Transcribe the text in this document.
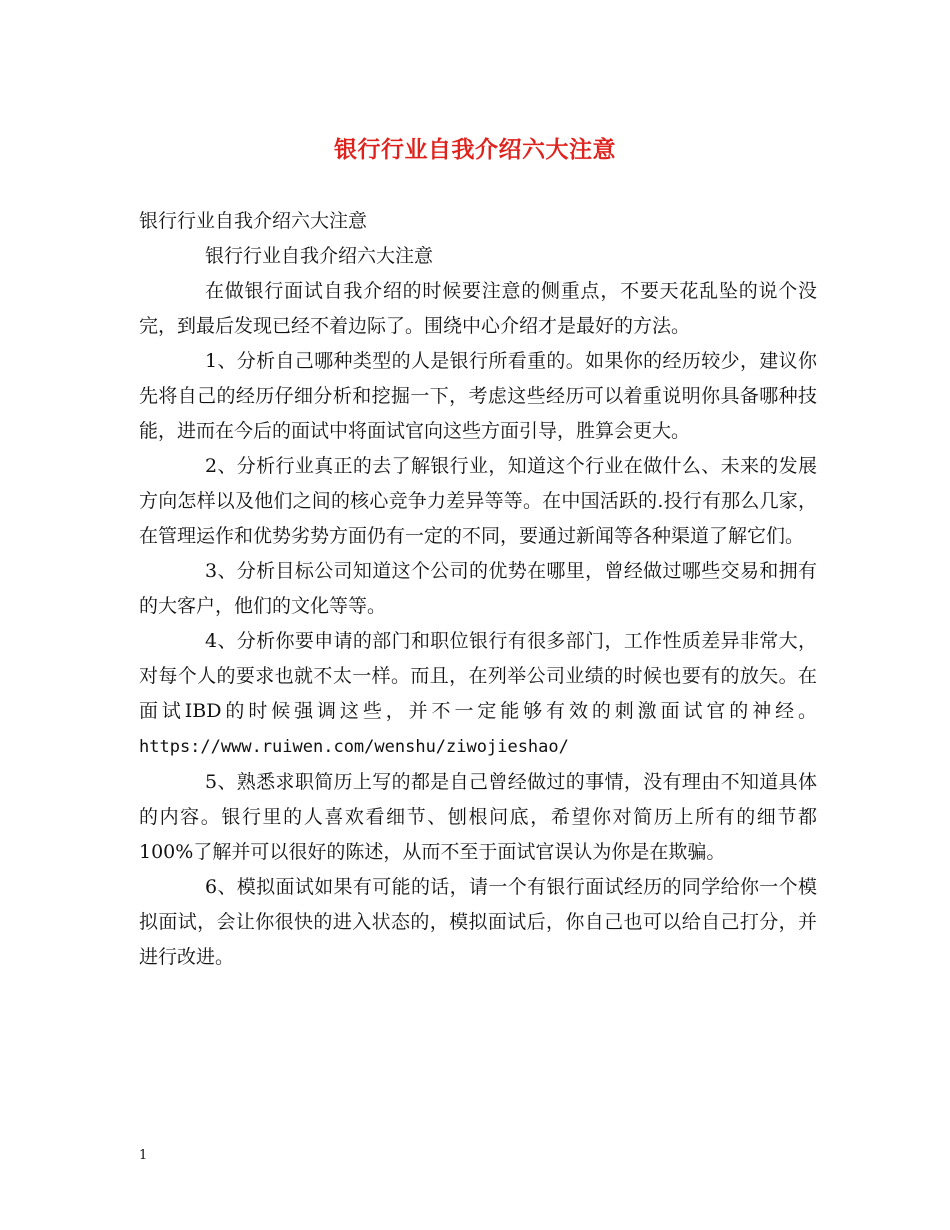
银行行业自我介绍六大注意

银行行业自我介绍六大注意

银行行业自我介绍六大注意

在做银行面试自我介绍的时候要注意的侧重点，不要天花乱坠的说个没完，到最后发现已经不着边际了。围绕中心介绍才是最好的方法。

1、分析自己哪种类型的人是银行所看重的。如果你的经历较少，建议你先将自己的经历仔细分析和挖掘一下，考虑这些经历可以着重说明你具备哪种技能，进而在今后的面试中将面试官向这些方面引导，胜算会更大。

2、分析行业真正的去了解银行业，知道这个行业在做什么、未来的发展方向怎样以及他们之间的核心竞争力差异等等。在中国活跃的.投行有那么几家，在管理运作和优势劣势方面仍有一定的不同，要通过新闻等各种渠道了解它们。

3、分析目标公司知道这个公司的优势在哪里，曾经做过哪些交易和拥有的大客户，他们的文化等等。

4、分析你要申请的部门和职位银行有很多部门，工作性质差异非常大，对每个人的要求也就不太一样。而且，在列举公司业绩的时候也要有的放矢。在面试IBD的时候强调这些，并不一定能够有效的刺激面试官的神经。https://www.ruiwen.com/wenshu/ziwojieshao/

5、熟悉求职简历上写的都是自己曾经做过的事情，没有理由不知道具体的内容。银行里的人喜欢看细节、刨根问底，希望你对简历上所有的细节都100%了解并可以很好的陈述，从而不至于面试官误认为你是在欺骗。

6、模拟面试如果有可能的话，请一个有银行面试经历的同学给你一个模拟面试，会让你很快的进入状态的，模拟面试后，你自己也可以给自己打分，并进行改进。

1
